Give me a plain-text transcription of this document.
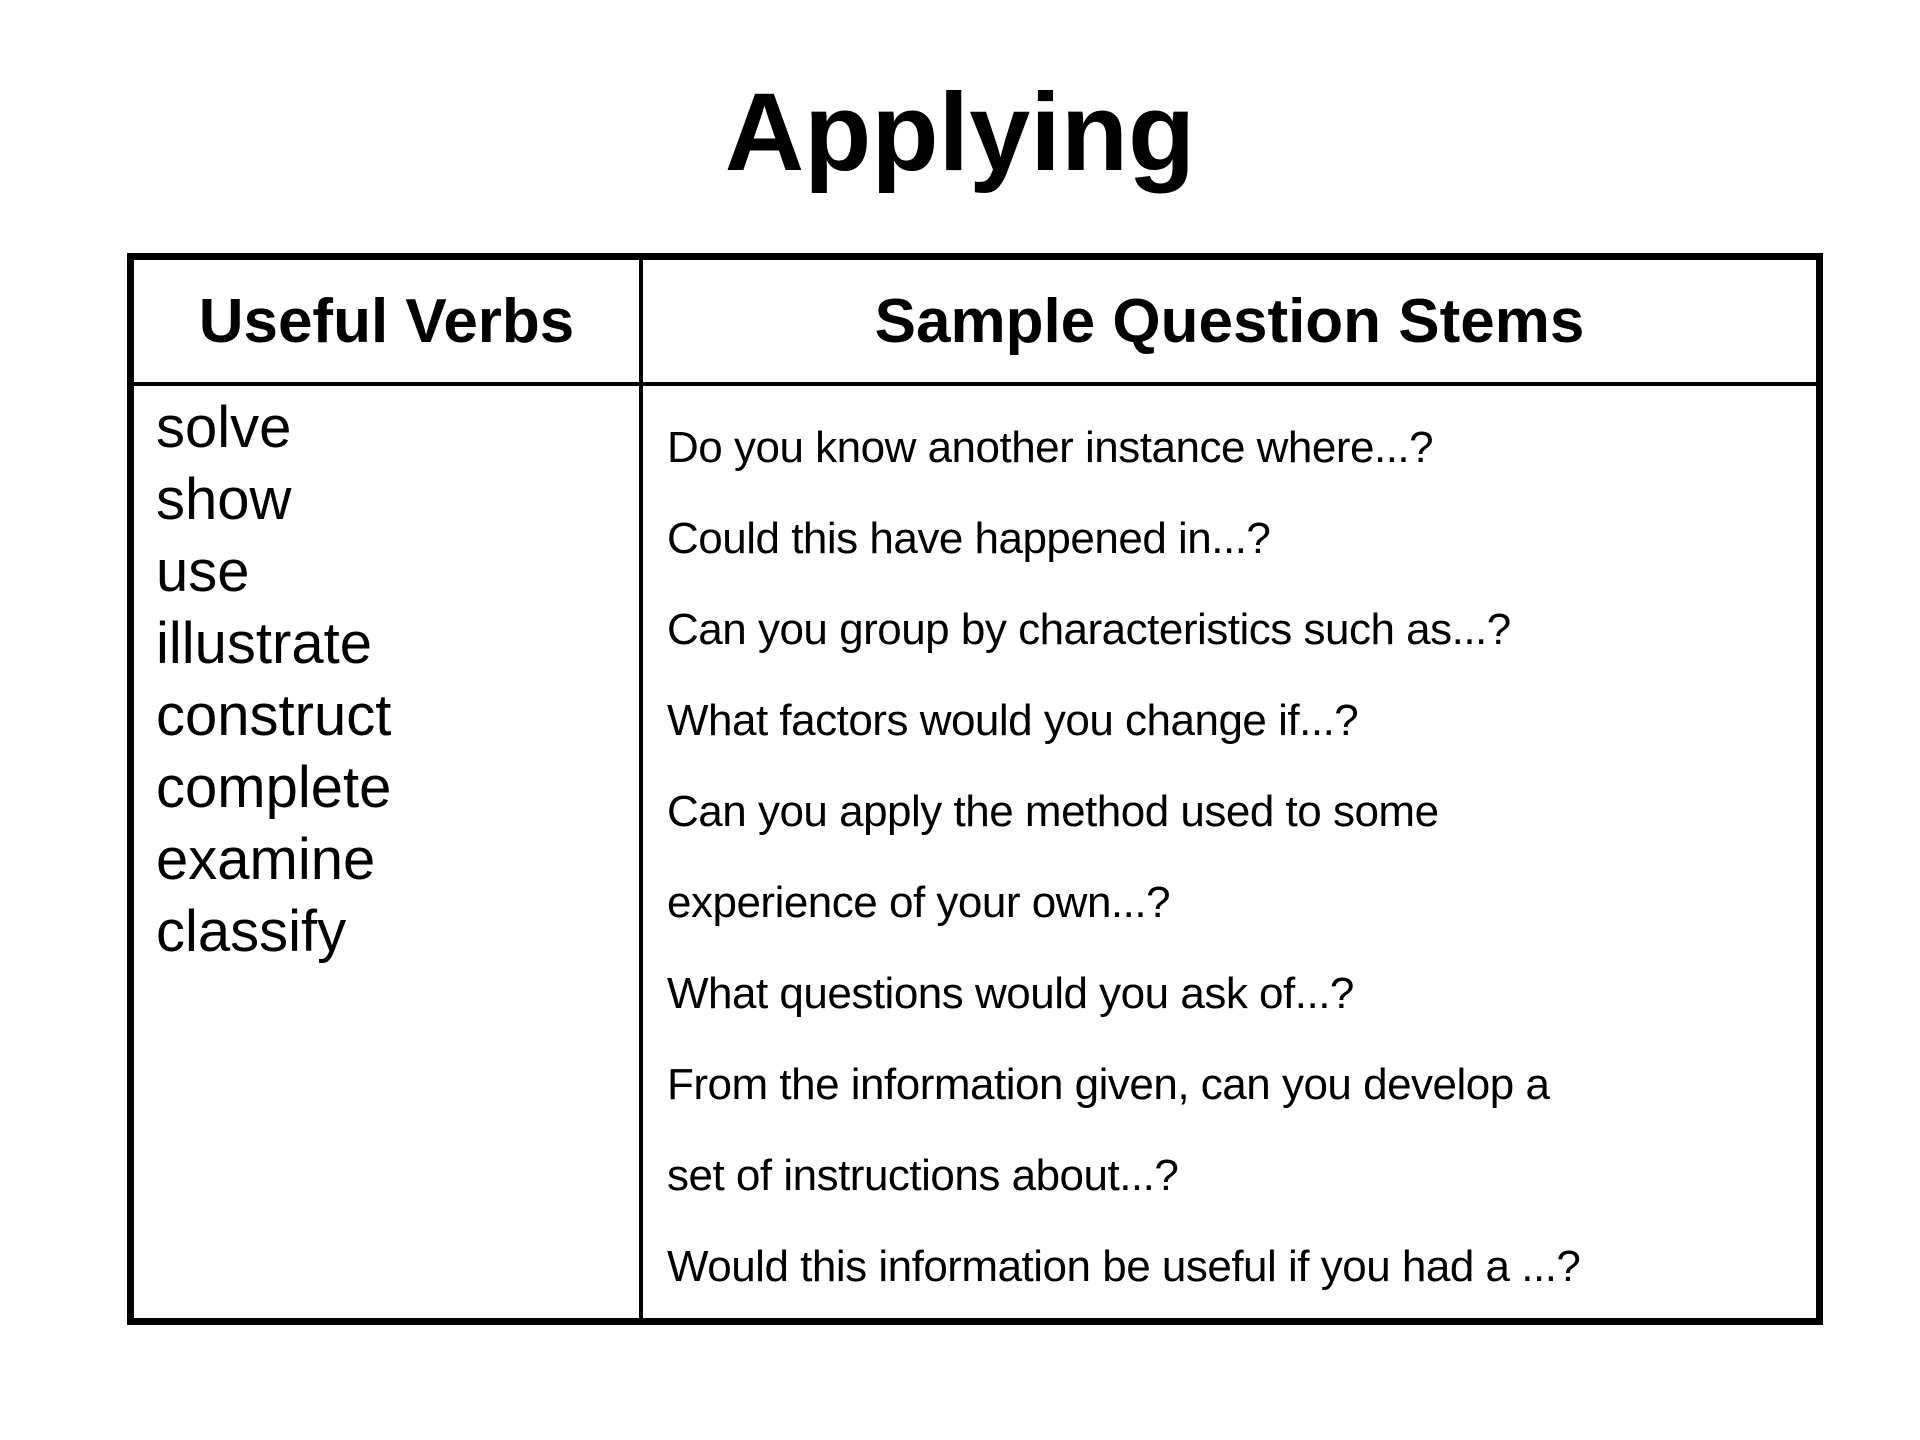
Applying
Useful Verbs	Sample Question Stems
solve
show
use
illustrate
construct
complete
examine
classify
Do you know another instance where...?
Could this have happened in...?
Can you group by characteristics such as...?
What factors would you change if...?
Can you apply the method used to some
experience of your own...?
What questions would you ask of...?
From the information given, can you develop a
set of instructions about...?
Would this information be useful if you had a ...?
